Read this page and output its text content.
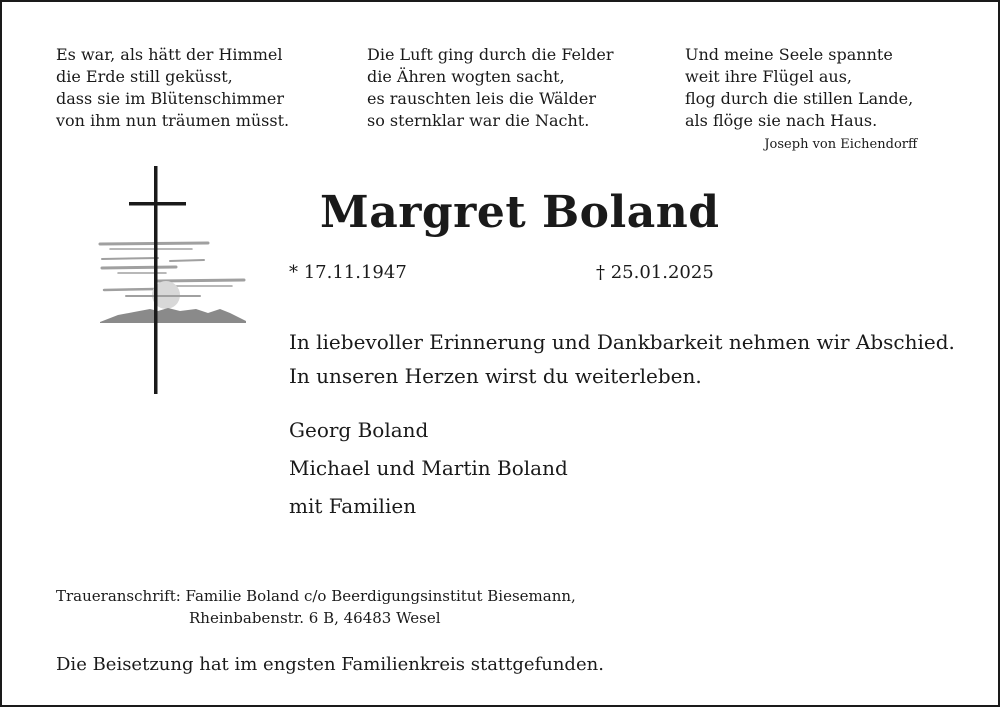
Es war, als hätt der Himmel
die Erde still geküsst,
dass sie im Blütenschimmer
von ihm nun träumen müsst.
Die Luft ging durch die Felder
die Ähren wogten sacht,
es rauschten leis die Wälder
so sternklar war die Nacht.
Und meine Seele spannte
weit ihre Flügel aus,
flog durch die stillen Lande,
als flöge sie nach Haus.
Joseph von Eichendorff
Margret Boland
* 17.11.1947	† 25.01.2025
In liebevoller Erinnerung und Dankbarkeit nehmen wir Abschied.
In unseren Herzen wirst du weiterleben.
Georg Boland
Michael und Martin Boland
mit Familien
Traueranschrift: Familie Boland c/o Beerdigungsinstitut Biesemann,
Rheinbabenstr. 6 B, 46483 Wesel
Die Beisetzung hat im engsten Familienkreis stattgefunden.
